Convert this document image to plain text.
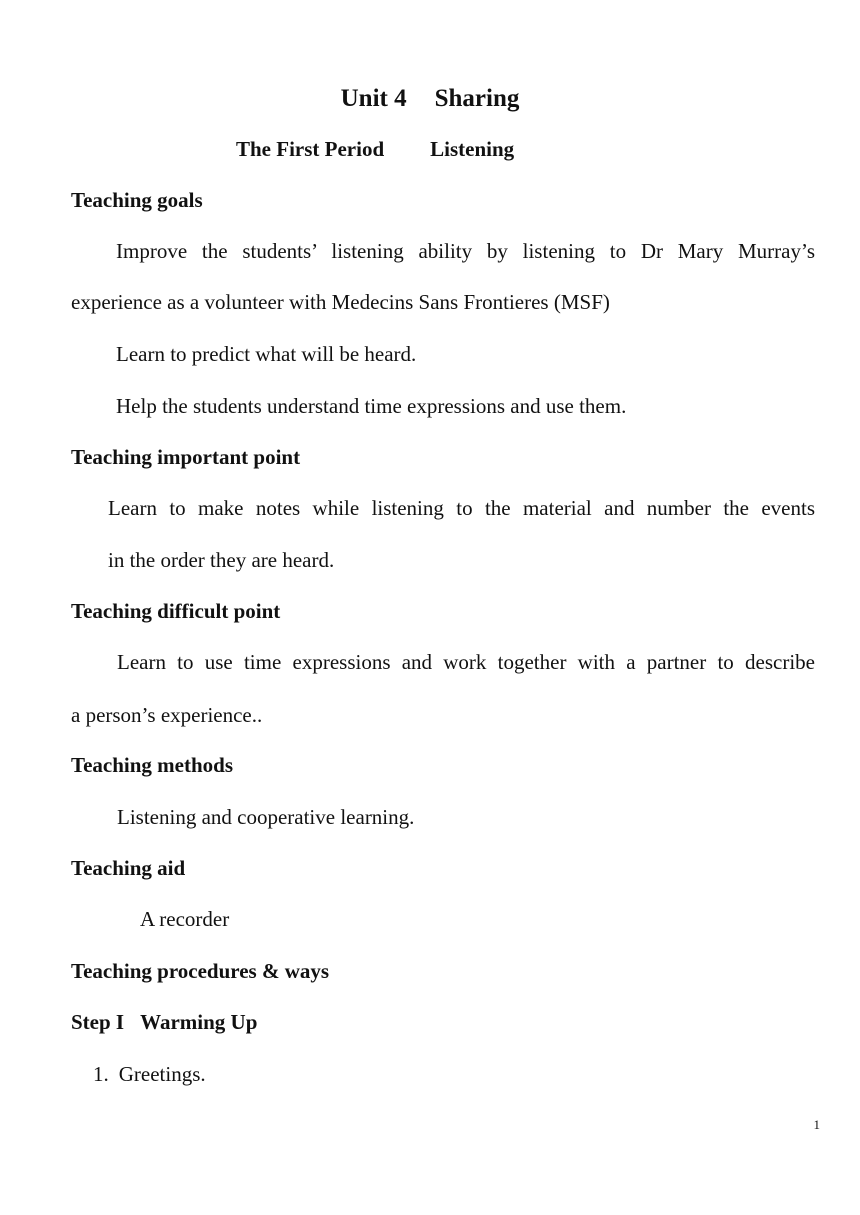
Unit 4 Sharing
The First Period Listening
Teaching goals
Improve the students’ listening ability by listening to Dr Mary Murray’s
experience as a volunteer with Medecins Sans Frontieres (MSF)
Learn to predict what will be heard.
Help the students understand time expressions and use them.
Teaching important point
Learn to make notes while listening to the material and number the events
in the order they are heard.
Teaching difficult point
Learn to use time expressions and work together with a partner to describe
a person’s experience..
Teaching methods
Listening and cooperative learning.
Teaching aid
A recorder
Teaching procedures & ways
Step I Warming Up
1. Greetings.
1
